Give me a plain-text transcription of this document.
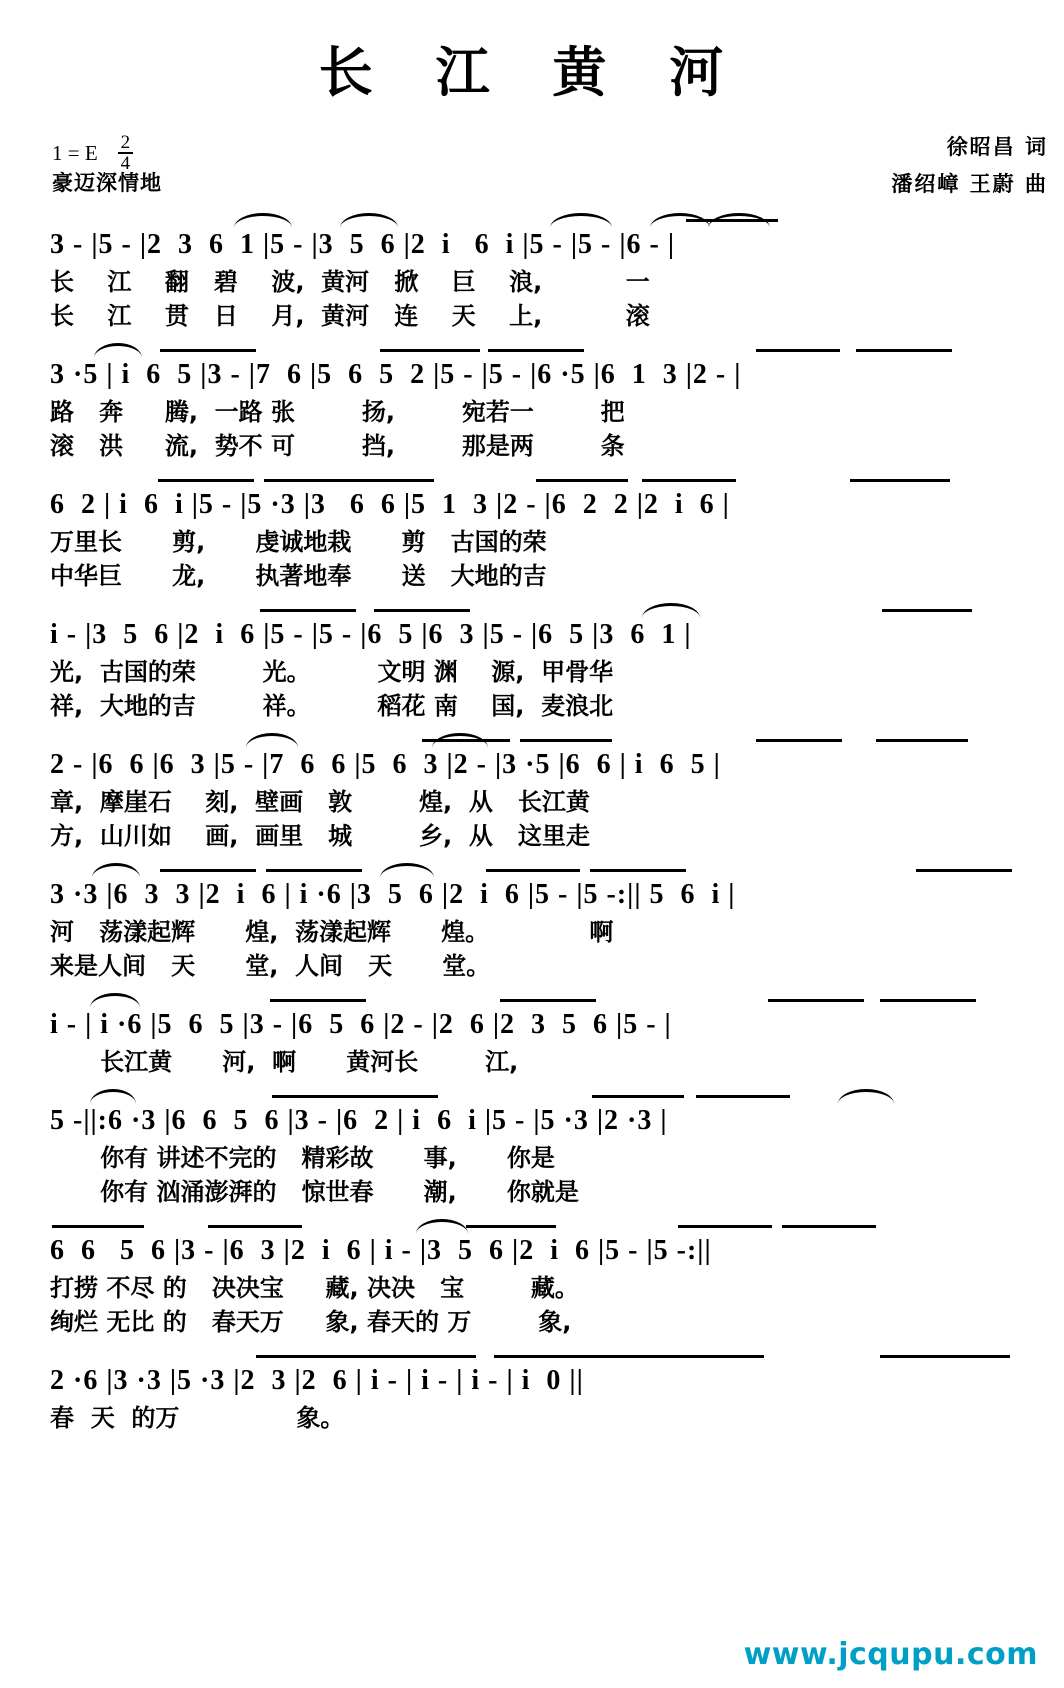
长 江 黄 河
1 = E $\frac{2}{4}$
豪迈深情地
徐昭昌 词
潘绍嶂 王蔚 曲
3 - |5 - |2  3  6  1 |5 - |3  5  6 |2  i   6  i |5 - |5 - |6 - |
长    江    翻   碧    波,  黄河   掀    巨    浪,          一
长    江    贯   日    月,  黄河   连    天    上,          滚
3 ·5 | i  6  5 |3 - |7  6 |5  6  5  2 |5 - |5 - |6 ·5 |6  1  3 |2 - |
路   奔     腾,  一路 张        扬,        宛若一        把
滚   洪     流,  势不 可        挡,        那是两        条
6  2 | i  6  i |5 - |5 ·3 |3   6  6 |5  1  3 |2 - |6  2  2 |2  i  6 |
万里长      剪,      虔诚地栽      剪   古国的荣
中华巨      龙,      执著地奉      送   大地的吉
i - |3  5  6 |2  i  6 |5 - |5 - |6  5 |6  3 |5 - |6  5 |3  6  1 |
光,  古国的荣        光。        文明 渊    源,  甲骨华
祥,  大地的吉        祥。        稻花 南    国,  麦浪北
2 - |6  6 |6  3 |5 - |7  6  6 |5  6  3 |2 - |3 ·5 |6  6 | i  6  5 |
章,  摩崖石    刻,  壁画   敦        煌,  从   长江黄
方,  山川如    画,  画里   城        乡,  从   这里走
3 ·3 |6  3  3 |2  i  6 | i ·6 |3  5  6 |2  i  6 |5 - |5 -:|| 5  6  i |
河   荡漾起辉      煌,  荡漾起辉      煌。            啊
来是人间   天      堂,  人间   天      堂。
i - | i ·6 |5  6  5 |3 - |6  5  6 |2 - |2  6 |2  3  5  6 |5 - |
长江黄      河,  啊      黄河长        江,
5 -||:6 ·3 |6  6  5  6 |3 - |6  2 | i  6  i |5 - |5 ·3 |2 ·3 |
你有 讲述不完的   精彩故      事,      你是
你有 汹涌澎湃的   惊世春      潮,      你就是
6  6   5  6 |3 - |6  3 |2  i  6 | i - |3  5  6 |2  i  6 |5 - |5 -:||
打捞 不尽 的   决决宝     藏, 决决   宝        藏。
绚烂 无比 的   春天万     象, 春天的 万        象,
2 ·6 |3 ·3 |5 ·3 |2  3 |2  6 | i - | i - | i - | i  0 ||
春  天  的万              象。
www.jcqupu.com
